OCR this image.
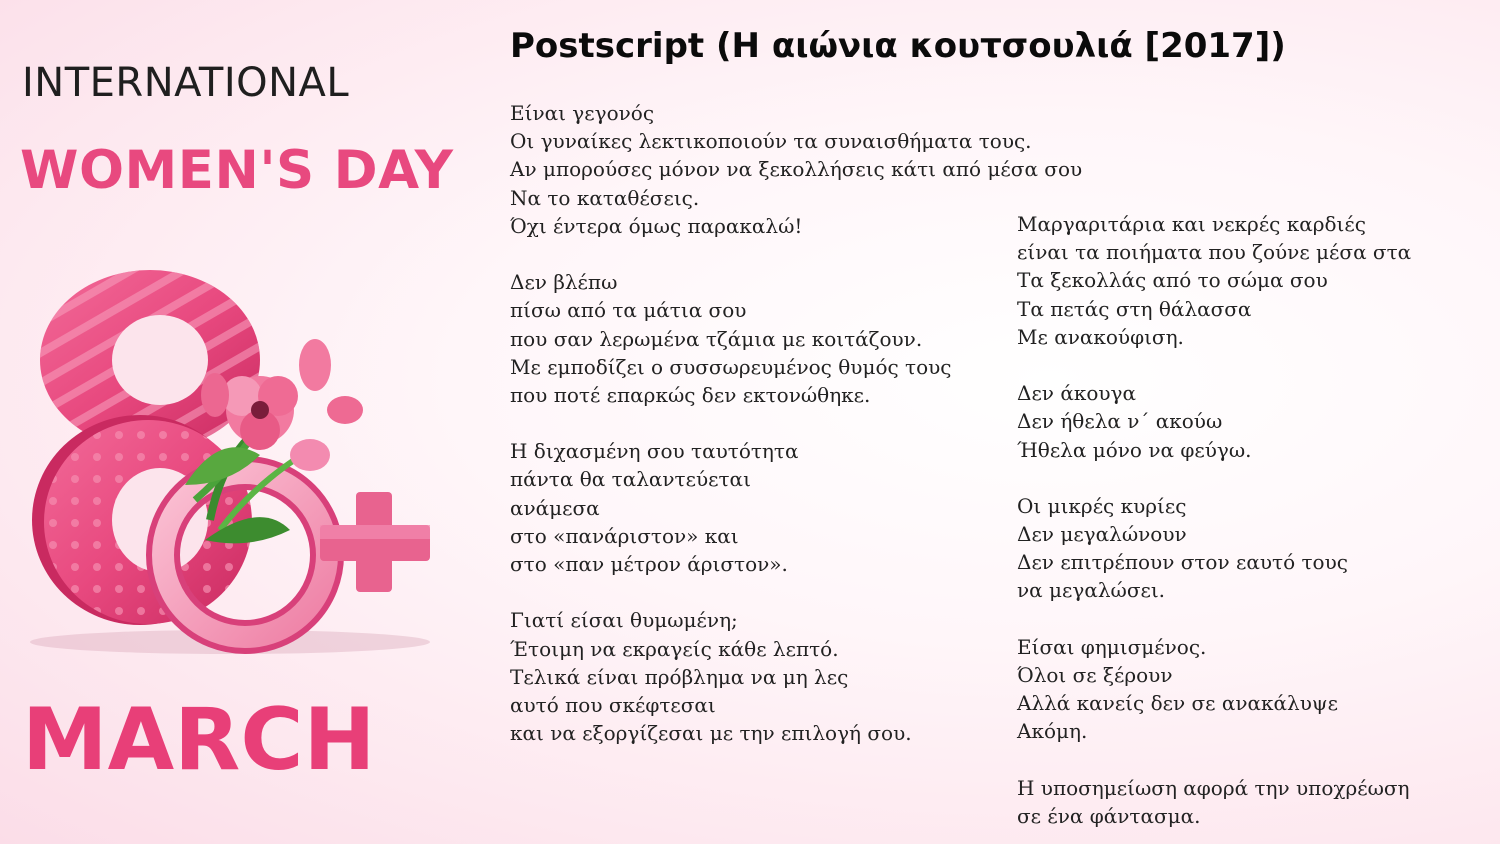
INTERNATIONAL
WOMEN'S DAY
MARCH
Postscript (Η αιώνια κουτσουλιά [2017])
Είναι γεγονός
Οι γυναίκες λεκτικοποιούν τα συναισθήματα τους.
Αν μπορούσες μόνον να ξεκολλήσεις κάτι από μέσα σου
Να το καταθέσεις.
Όχι έντερα όμως παρακαλώ!
Δεν βλέπω
πίσω από τα μάτια σου
που σαν λερωμένα τζάμια με κοιτάζουν.
Με εμποδίζει ο συσσωρευμένος θυμός τους
που ποτέ επαρκώς δεν εκτονώθηκε.
Η διχασμένη σου ταυτότητα
πάντα θα ταλαντεύεται
ανάμεσα
στο «πανάριστον» και
στο «παν μέτρον άριστον».
Γιατί είσαι θυμωμένη;
Έτοιμη να εκραγείς κάθε λεπτό.
Τελικά είναι πρόβλημα να μη λες
αυτό που σκέφτεσαι
και να εξοργίζεσαι με την επιλογή σου.
Μαργαριτάρια και νεκρές καρδιές
είναι τα ποιήματα που ζούνε μέσα στα
Τα ξεκολλάς από το σώμα σου
Τα πετάς στη θάλασσα
Με ανακούφιση.
Δεν άκουγα
Δεν ήθελα ν΄ ακούω
Ήθελα μόνο να φεύγω.
Οι μικρές κυρίες
Δεν μεγαλώνουν
Δεν επιτρέπουν στον εαυτό τους
να μεγαλώσει.
Είσαι φημισμένος.
Όλοι σε ξέρουν
Αλλά κανείς δεν σε ανακάλυψε
Ακόμη.
Η υποσημείωση αφορά την υποχρέωση
σε ένα φάντασμα.
